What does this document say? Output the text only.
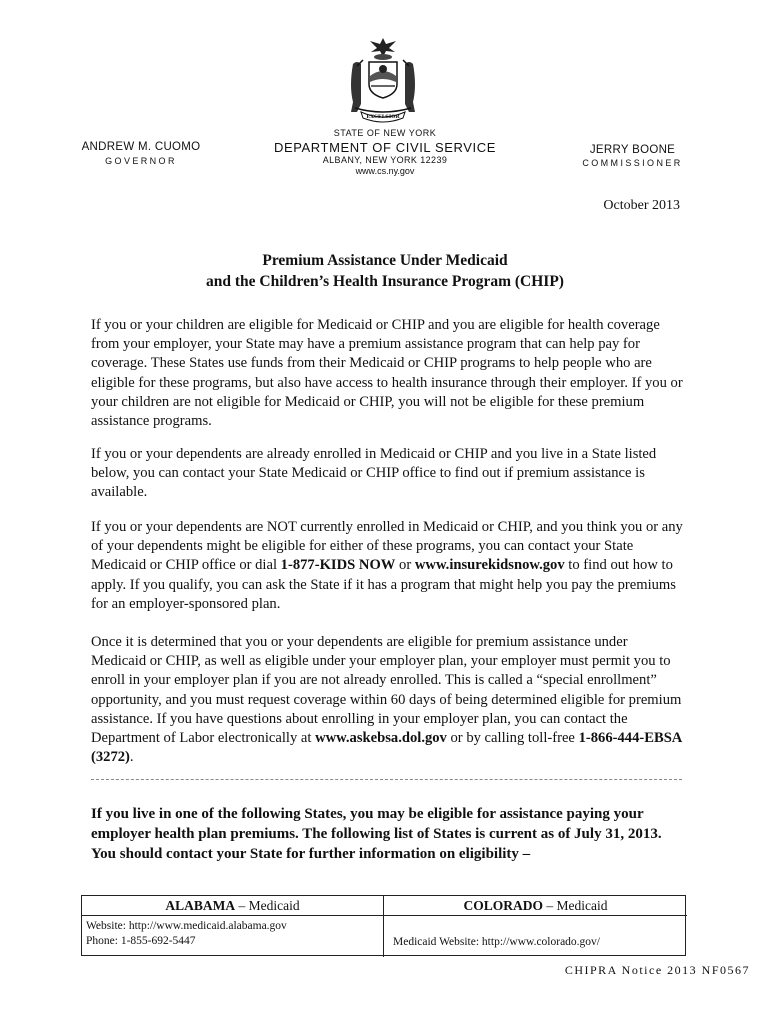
EXCELSIOR
STATE OF NEW YORK
DEPARTMENT OF CIVIL SERVICE
ALBANY, NEW YORK 12239
www.cs.ny.gov
ANDREW M. CUOMO
GOVERNOR
JERRY BOONE
COMMISSIONER
October 2013
Premium Assistance Under Medicaid
and the Children’s Health Insurance Program (CHIP)
If you or your children are eligible for Medicaid or CHIP and you are eligible for health coverage from your employer, your State may have a premium assistance program that can help pay for coverage. These States use funds from their Medicaid or CHIP programs to help people who are eligible for these programs, but also have access to health insurance through their employer. If you or your children are not eligible for Medicaid or CHIP, you will not be eligible for these premium assistance programs.
If you or your dependents are already enrolled in Medicaid or CHIP and you live in a State listed below, you can contact your State Medicaid or CHIP office to find out if premium assistance is available.
If you or your dependents are NOT currently enrolled in Medicaid or CHIP, and you think you or any of your dependents might be eligible for either of these programs, you can contact your State Medicaid or CHIP office or dial 1-877-KIDS NOW or www.insurekidsnow.gov to find out how to apply. If you qualify, you can ask the State if it has a program that might help you pay the premiums for an employer-sponsored plan.
Once it is determined that you or your dependents are eligible for premium assistance under Medicaid or CHIP, as well as eligible under your employer plan, your employer must permit you to enroll in your employer plan if you are not already enrolled. This is called a “special enrollment” opportunity, and you must request coverage within 60 days of being determined eligible for premium assistance. If you have questions about enrolling in your employer plan, you can contact the Department of Labor electronically at www.askebsa.dol.gov or by calling toll-free 1-866-444-EBSA (3272).
If you live in one of the following States, you may be eligible for assistance paying your employer health plan premiums. The following list of States is current as of July 31, 2013. You should contact your State for further information on eligibility –
ALABAMA – Medicaid	COLORADO – Medicaid
Website: http://www.medicaid.alabama.gov
Phone: 1-855-692-5447	Medicaid Website: http://www.colorado.gov/
CHIPRA Notice 2013 NF0567
